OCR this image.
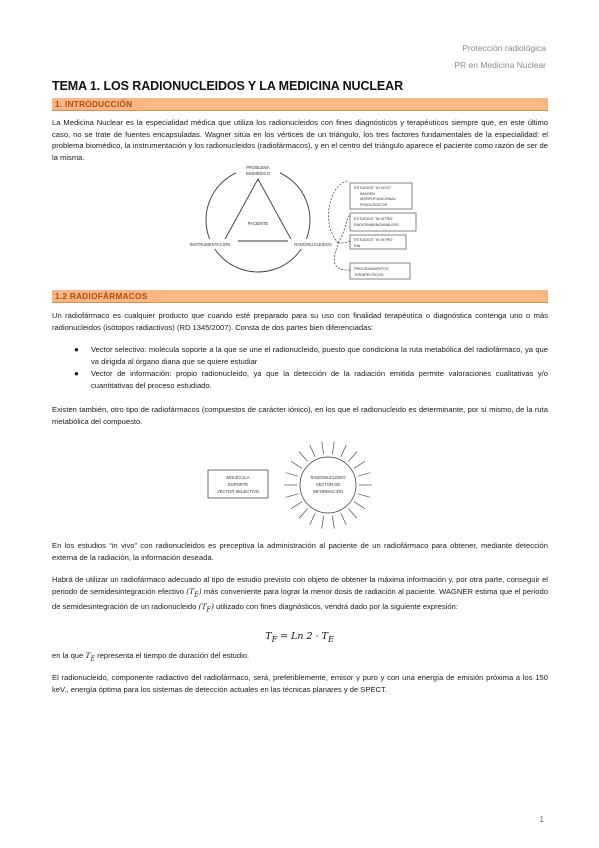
Protección radiológica
PR en Medicina Nuclear
TEMA 1. LOS RADIONUCLEIDOS Y LA MEDICINA NUCLEAR
1. INTRODUCCIÓN

La Medicina Nuclear es la especialidad médica que utiliza los radionucleidos con fines diagnósticos y terapéuticos siempre que, en este último caso, no se trate de fuentes encapsuladas. Wagner sitúa en los vértices de un triángulo, los tres factores fundamentales de la especialidad: el problema biomédico, la instrumentación y los radionucleidos (radiofármacos), y en el centro del triángulo aparece el paciente como razón de ser de la misma.

PROBLEMA
BIOMÉDICO
PACIENTE
INSTRUMENTACIÓN	RADIONUCLEIDOS
ESTUDIOS "IN VIVO"
IMAGEN
MORFOFUNCIONAL
FISIOLÓGICOS
ESTUDIOS "IN VITRO"
RADIOINMUNOANÁLISIS
ESTUDIOS "IN VITRO"
RIA
PROCEDIMIENTOS
TERAPÉUTICOS
1.2 RADIOFÁRMACOS

Un radiofármaco es cualquier producto que cuando esté preparado para su uso con finalidad terapéutica o diagnóstica contenga uno o más radionucleidos (isótopos radiactivos) (RD 1345/2007). Consta de dos partes bien diferenciadas:

● Vector selectivo: molécula soporte a la que se une el radionucleido, puesto que condiciona la ruta metabólica del radiofármaco, ya que va dirigida al órgano diana que se quiere estudiar
● Vector de información: propio radionucleido, ya que la detección de la radiación emitida permite valoraciones cualitativas y/o cuantitativas del proceso estudiado.

Existen también, otro tipo de radiofármacos (compuestos de carácter iónico), en los que el radionucleido es determinante, por sí mismo, de la ruta metabólica del compuesto.

MOLÉCULA
SOPORTE
VECTOR SELECTIVO
RADIONUCLEIDO
VECTOR DE
INFORMACIÓN

En los estudios “in vivo” con radionucleidos es preceptiva la administración al paciente de un radiofármaco para obtener, mediante detección externa de la radiación, la información deseada.

Habrá de utilizar un radiofármaco adecuado al tipo de estudio previsto con objeto de obtener la máxima información y, por otra parte, conseguir el periodo de semidesintegración efectivo $(T_E)$ más conveniente para lograr la menor dosis de radiación al paciente. WAGNER estima que el periodo de semidesintegración de un radionucleido $(T_F)$ utilizado con fines diagnósticos, vendrá dado por la siguiente expresión:

$T_F = Ln$ $2 \cdot T_E$

en la que $T_E$ representa el tiempo de duración del estudio.

El radionucleido, componente radiactivo del radiofármaco, será, preferiblemente, emisor γ puro y con una energía de emisión próxima a los 150 keV., energía óptima para los sistemas de detección actuales en las técnicas planares y de SPECT.

1
